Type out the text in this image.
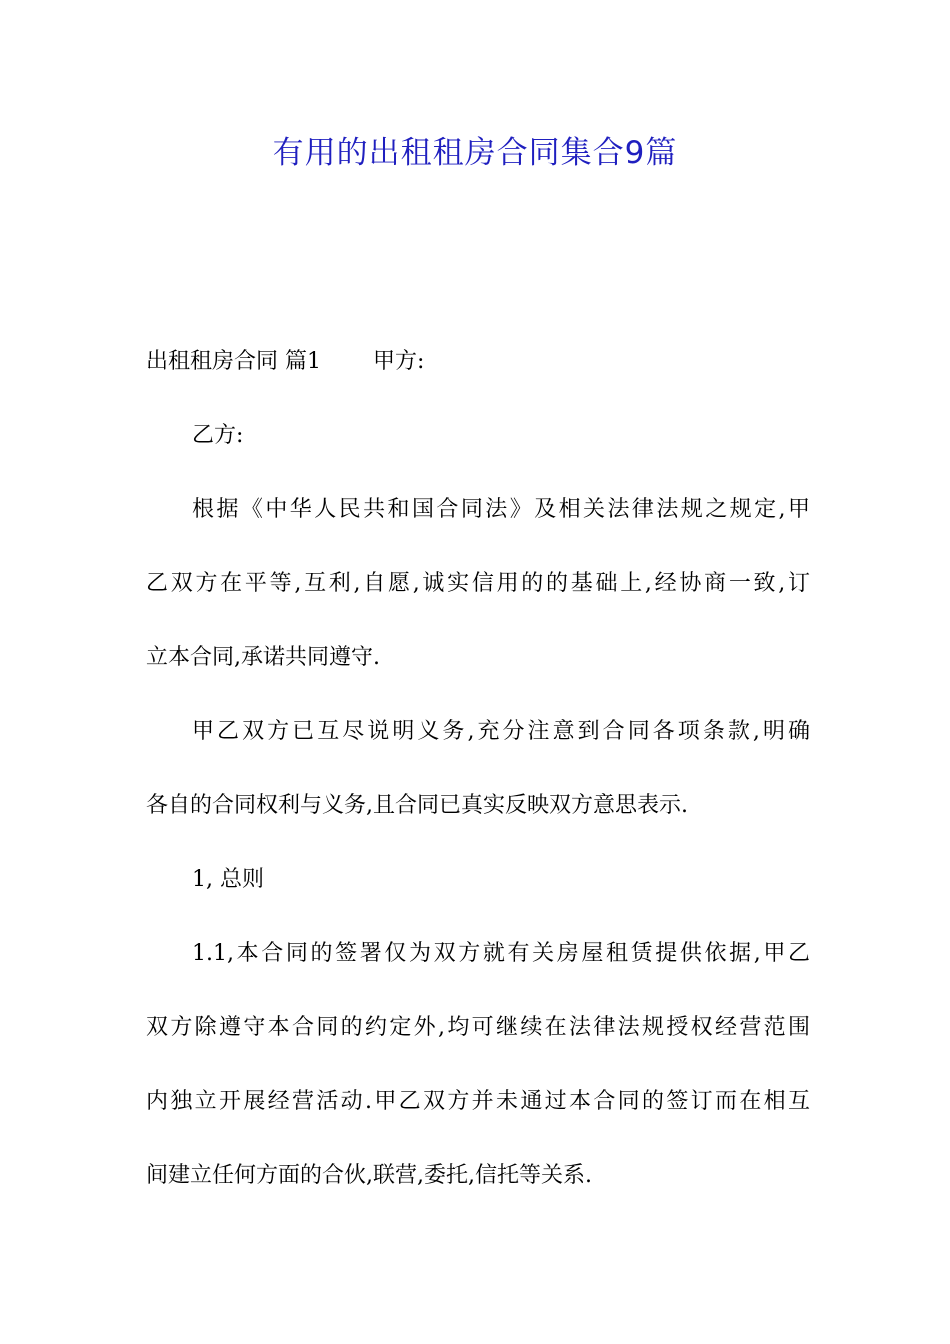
有用的出租租房合同集合9篇
出租租房合同 篇1 甲方:
乙方:
根据《中华人民共和国合同法》及相关法律法规之规定,甲
乙双方在平等,互利,自愿,诚实信用的的基础上,经协商一致,订
立本合同,承诺共同遵守.
甲乙双方已互尽说明义务,充分注意到合同各项条款,明确
各自的合同权利与义务,且合同已真实反映双方意思表示.
1, 总则
1.1,本合同的签署仅为双方就有关房屋租赁提供依据,甲乙
双方除遵守本合同的约定外,均可继续在法律法规授权经营范围
内独立开展经营活动.甲乙双方并未通过本合同的签订而在相互
间建立任何方面的合伙,联营,委托,信托等关系.
